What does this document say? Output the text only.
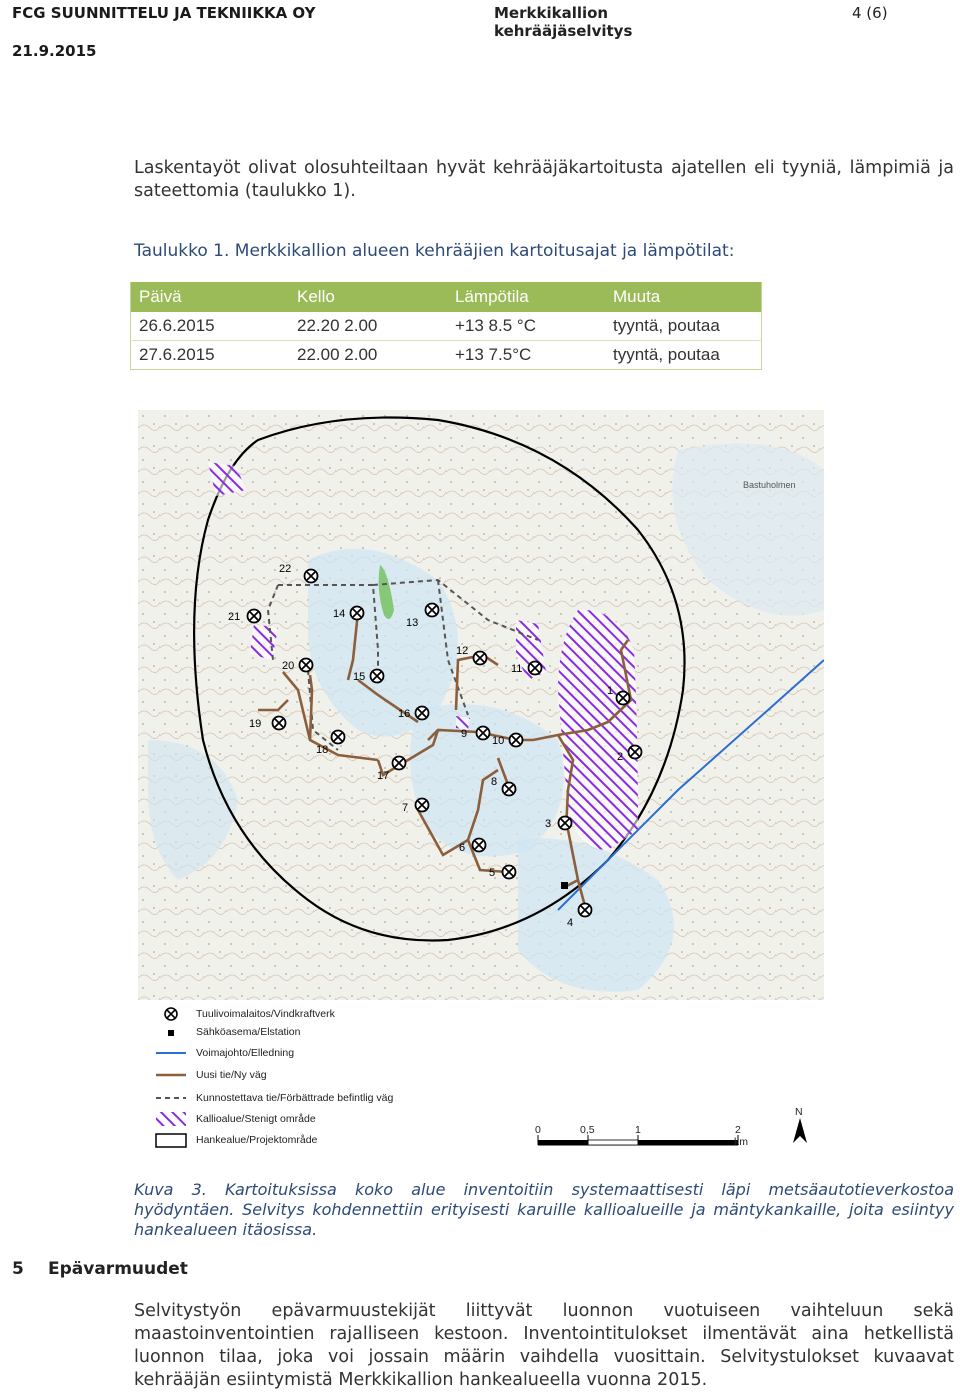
FCG SUUNNITTELU JA TEKNIIKKA OY
21.9.2015
Merkkikallion
kehrääjäselvitys
4 (6)
Laskentayöt olivat olosuhteiltaan hyvät kehrääjäkartoitusta ajatellen eli tyyniä, lämpimiä ja sateettomia (taulukko 1).
Taulukko 1. Merkkikallion alueen kehrääjien kartoitusajat ja lämpötilat:
Päivä	Kello	Lämpötila	Muuta
26.6.2015	22.20 2.00	+13 8.5 °C	tyyntä, poutaa
27.6.2015	22.00 2.00	+13 7.5°C	tyyntä, poutaa
1
2
3
4
5
6
7
8
9
10
11
12
13
14
15
16
17
18
19
20
21
22
Bastuholmen
Tuulivoimalaitos/Vindkraftverk
Sähköasema/Elstation
Voimajohto/Elledning
Uusi tie/Ny väg
Kunnostettava tie/Förbättrade befintlig väg
Kallioalue/Stenigt område
Hankealue/Projektområde
0	0,5	1	2
km
N
Kuva 3. Kartoituksissa koko alue inventoitiin systemaattisesti läpi metsäautotieverkostoa hyödyntäen. Selvitys kohdennettiin erityisesti karuille kallioalueille ja mäntykankaille, joita esiintyy hankealueen itäosissa.
5 Epävarmuudet
Selvitystyön epävarmuustekijät liittyvät luonnon vuotuiseen vaihteluun sekä maastoinventointien rajalliseen kestoon. Inventointitulokset ilmentävät aina hetkellistä luonnon tilaa, joka voi jossain määrin vaihdella vuosittain. Selvitystulokset kuvaavat kehrääjän esiintymistä Merkkikallion hankealueella vuonna 2015.
